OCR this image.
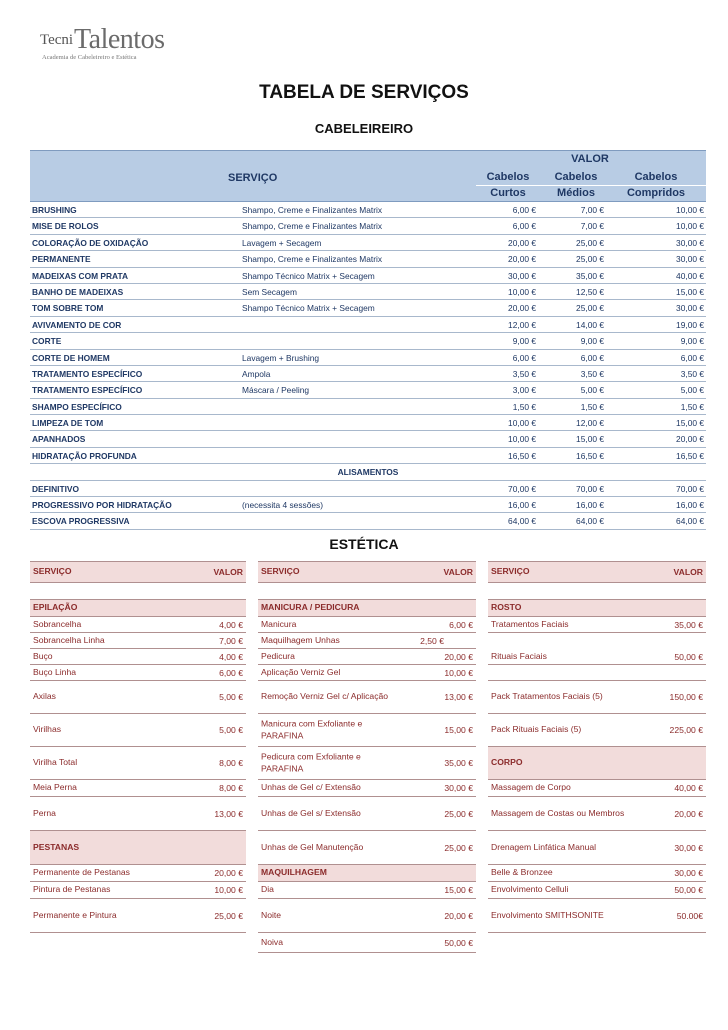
Tecni Talentos
Academia de Cabeleireiro e Estética
TABELA DE SERVIÇOS
CABELEIREIRO
VALOR
SERVIÇO	Cabelos	Cabelos	Cabelos
Curtos	Médios	Compridos
BRUSHING	Shampo, Creme e Finalizantes Matrix	6,00 €	7,00 €	10,00 €
MISE DE ROLOS	Shampo, Creme e Finalizantes Matrix	6,00 €	7,00 €	10,00 €
COLORAÇÃO DE OXIDAÇÃO	Lavagem + Secagem	20,00 €	25,00 €	30,00 €
PERMANENTE	Shampo, Creme e Finalizantes Matrix	20,00 €	25,00 €	30,00 €
MADEIXAS COM PRATA	Shampo Técnico Matrix + Secagem	30,00 €	35,00 €	40,00 €
BANHO DE MADEIXAS	Sem Secagem	10,00 €	12,50 €	15,00 €
TOM SOBRE TOM	Shampo Técnico Matrix + Secagem	20,00 €	25,00 €	30,00 €
AVIVAMENTO DE COR	12,00 €	14,00 €	19,00 €
CORTE	9,00 €	9,00 €	9,00 €
CORTE DE HOMEM	Lavagem + Brushing	6,00 €	6,00 €	6,00 €
TRATAMENTO ESPECÍFICO	Ampola	3,50 €	3,50 €	3,50 €
TRATAMENTO ESPECÍFICO	Máscara / Peeling	3,00 €	5,00 €	5,00 €
SHAMPO ESPECÍFICO	1,50 €	1,50 €	1,50 €
LIMPEZA DE TOM	10,00 €	12,00 €	15,00 €
APANHADOS	10,00 €	15,00 €	20,00 €
HIDRATAÇÃO PROFUNDA	16,50 €	16,50 €	16,50 €
ALISAMENTOS
DEFINITIVO	70,00 €	70,00 €	70,00 €
PROGRESSIVO POR HIDRATAÇÃO	(necessita 4 sessões)	16,00 €	16,00 €	16,00 €
ESCOVA PROGRESSIVA	64,00 €	64,00 €	64,00 €
ESTÉTICA
SERVIÇO	VALOR
EPILAÇÃO
Sobrancelha	4,00 €
Sobrancelha Linha	7,00 €
Buço	4,00 €
Buço Linha	6,00 €
Axilas	5,00 €
Virilhas	5,00 €
Virilha Total	8,00 €
Meia Perna	8,00 €
Perna	13,00 €
PESTANAS
Permanente de Pestanas	20,00 €
Pintura de Pestanas	10,00 €
Permanente e Pintura	25,00 €
SERVIÇO	VALOR
MANICURA / PEDICURA
Manicura	6,00 €
Maquilhagem Unhas	2,50 €
Pedicura	20,00 €
Aplicação Verniz Gel	10,00 €
Remoção Verniz Gel c/ Aplicação	13,00 €
Manicura com Exfoliante e PARAFINA	15,00 €
Pedicura com Exfoliante e PARAFINA	35,00 €
Unhas de Gel c/ Extensão	30,00 €
Unhas de Gel s/ Extensão	25,00 €
Unhas de Gel Manutenção	25,00 €
MAQUILHAGEM
Dia	15,00 €
Noite	20,00 €
Noiva	50,00 €
SERVIÇO	VALOR
ROSTO
Tratamentos Faciais	35,00 €
Rituais Faciais	50,00 €
Pack Tratamentos Faciais (5)	150,00 €
Pack Rituais Faciais (5)	225,00 €
CORPO
Massagem de Corpo	40,00 €
Massagem de Costas ou Membros	20,00 €
Drenagem Linfática Manual	30,00 €
Belle & Bronzee	30,00 €
Envolvimento Celluli	50,00 €
Envolvimento SMITHSONITE	50.00€
